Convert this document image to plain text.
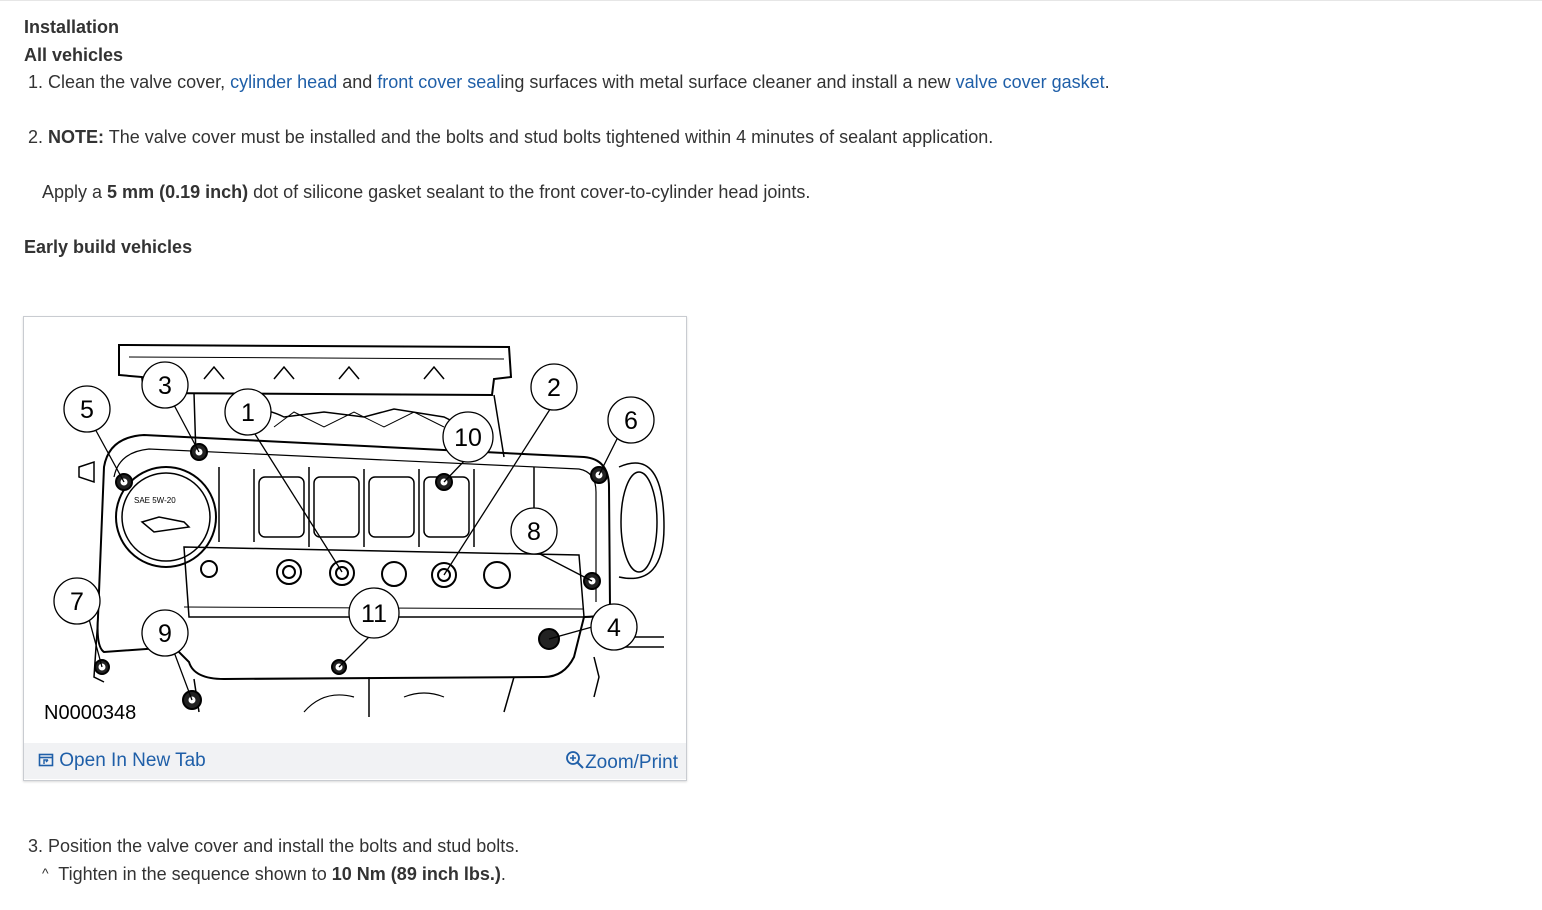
Installation
All vehicles
1. Clean the valve cover, cylinder head and front cover sealing surfaces with metal surface cleaner and install a new valve cover gasket.
2. NOTE: The valve cover must be installed and the bolts and stud bolts tightened within 4 minutes of sealant application.
Apply a 5 mm (0.19 inch) dot of silicone gasket sealant to the front cover-to-cylinder head joints.
Early build vehicles
SAE 5W-20
1
2
3
4
5	6
7
8
9
10
11
N0000348
Open In New Tab	Zoom/Print
3. Position the valve cover and install the bolts and stud bolts.
^ Tighten in the sequence shown to 10 Nm (89 inch lbs.).
